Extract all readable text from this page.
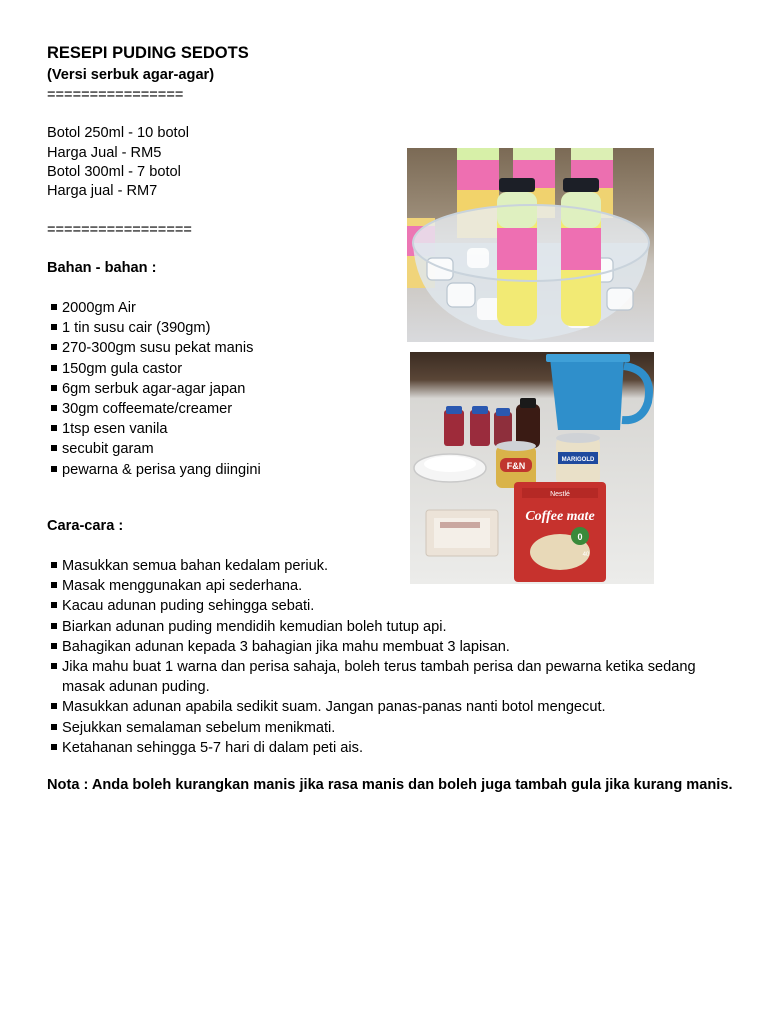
RESEPI PUDING SEDOTS
(Versi serbuk agar-agar)
================
Botol 250ml - 10 botol
Harga Jual - RM5
Botol 300ml - 7 botol
Harga jual - RM7
=================
Bahan - bahan :
2000gm Air
1 tin susu cair (390gm)
270-300gm susu pekat manis
150gm gula castor
6gm serbuk agar-agar japan
30gm coffeemate/creamer
1tsp esen vanila
secubit garam
pewarna & perisa yang diingini
Cara-cara :
Masukkan semua bahan kedalam periuk.
Masak menggunakan api sederhana.
Kacau adunan puding sehingga sebati.
Biarkan adunan puding mendidih kemudian boleh tutup api.
Bahagikan adunan kepada 3 bahagian jika mahu membuat 3 lapisan.
Jika mahu buat 1 warna dan perisa sahaja, boleh terus tambah perisa dan pewarna ketika sedang masak adunan puding.
Masukkan adunan apabila sedikit suam. Jangan panas-panas nanti botol mengecut.
Sejukkan semalaman sebelum menikmati.
Ketahanan sehingga 5-7 hari di dalam peti ais.
Nota : Anda boleh kurangkan manis jika rasa manis dan boleh juga tambah gula jika kurang manis.
F&N
MARIGOLD
Nestlé
Coffee mate
0
40
